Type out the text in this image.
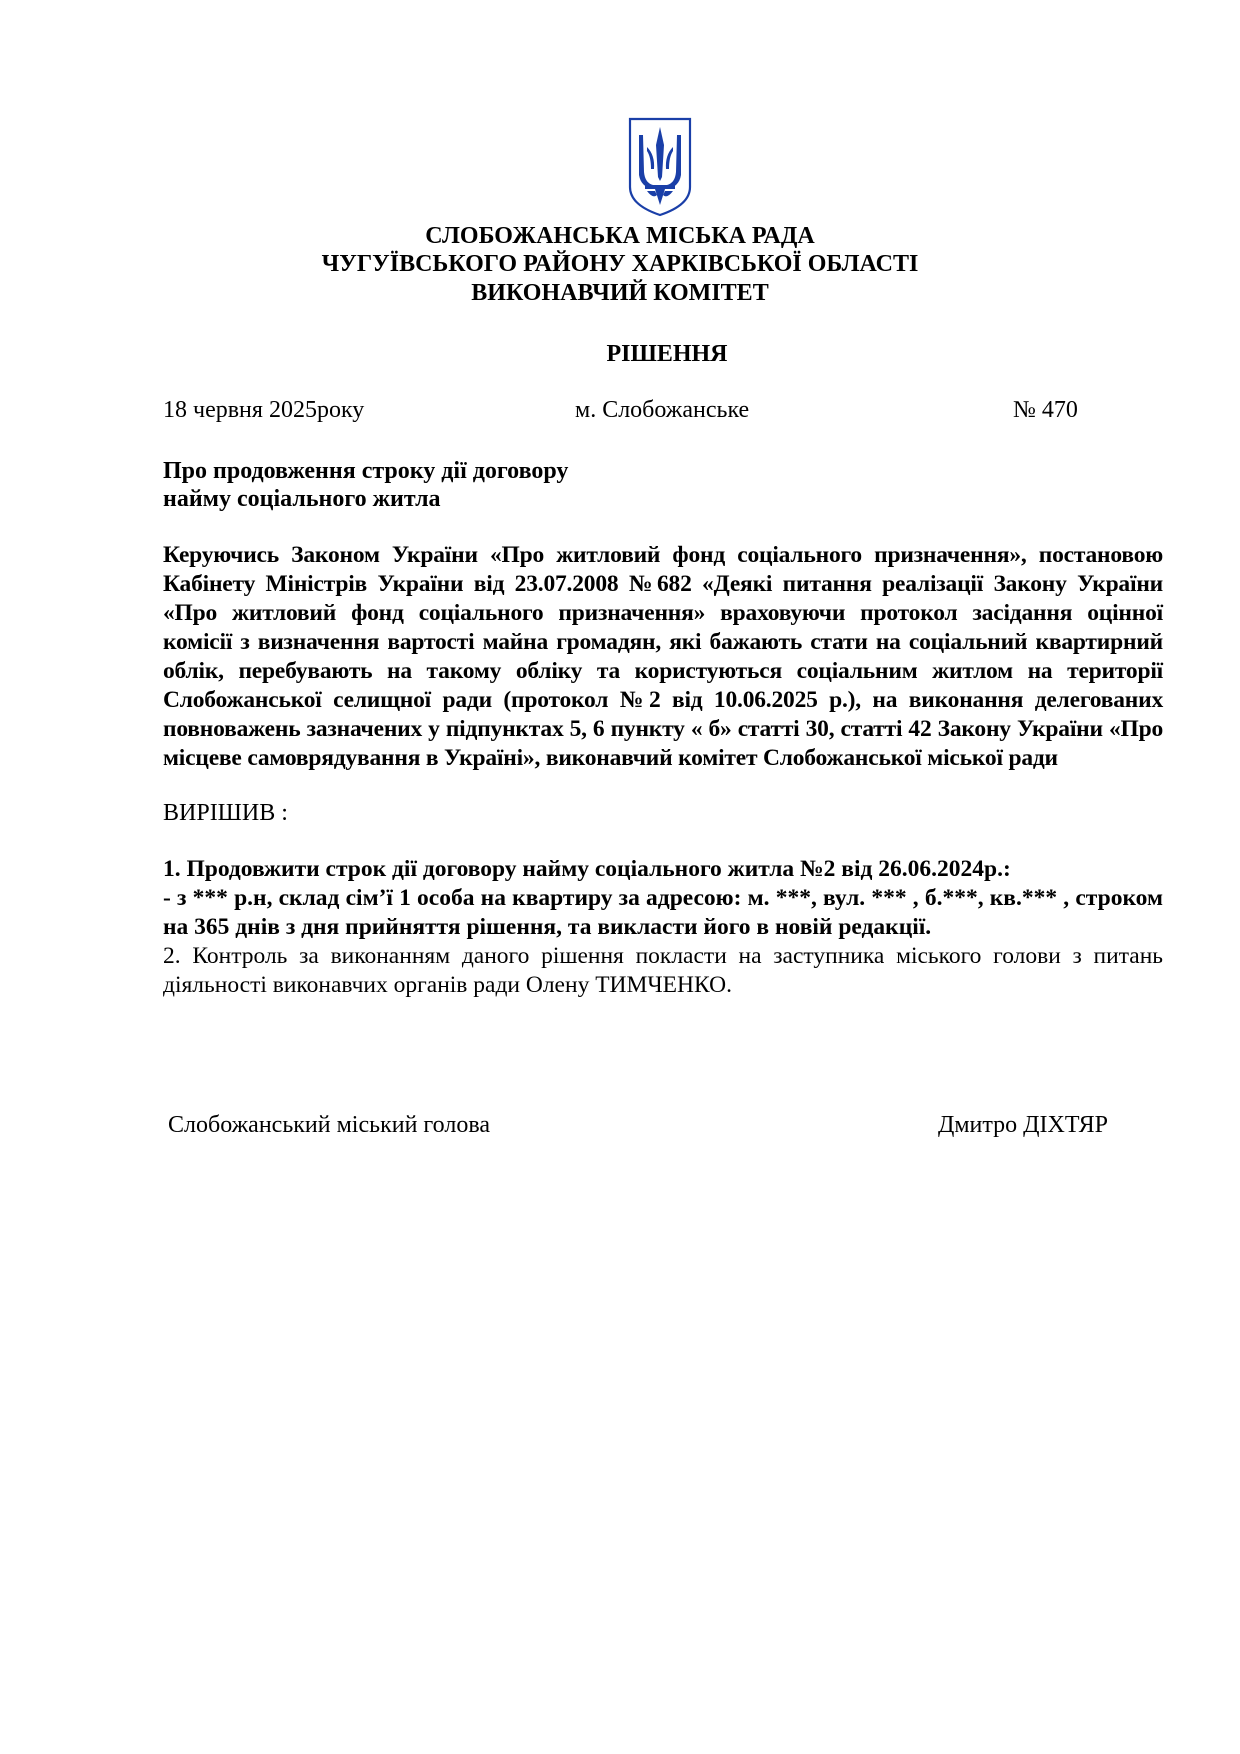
СЛОБОЖАНСЬКА МІСЬКА РАДА
ЧУГУЇВСЬКОГО РАЙОНУ ХАРКІВСЬКОЇ ОБЛАСТІ
ВИКОНАВЧИЙ КОМІТЕТ
РІШЕННЯ
18 червня 2025року	м. Слобожанське	№ 470
Про продовження строку дії договору
найму соціального житла
Керуючись Законом України «Про житловий фонд соціального призначення», постановою Кабінету Міністрів України від 23.07.2008 №682 «Деякі питання реалізації Закону України «Про житловий фонд соціального призначення» враховуючи протокол засідання оцінної комісії з визначення вартості майна громадян, які бажають стати на соціальний квартирний облік, перебувають на такому обліку та користуються соціальним житлом на території Слобожанської селищної ради (протокол №2 від 10.06.2025 р.), на виконання делегованих повноважень зазначених у підпунктах 5, 6 пункту « б» статті 30, статті 42 Закону України «Про місцеве самоврядування в Україні», виконавчий комітет Слобожанської міської ради
ВИРІШИВ :
1. Продовжити строк дії договору найму соціального житла №2 від 26.06.2024р.:
- з *** р.н, склад сім’ї 1 особа на квартиру за адресою: м. ***, вул. *** , б.***, кв.*** , строком на 365 днів з дня прийняття рішення, та викласти його в новій редакції.
2. Контроль за виконанням даного рішення покласти на заступника міського голови з питань діяльності виконавчих органів ради Олену ТИМЧЕНКО.
Слобожанський міський голова	Дмитро ДІХТЯР
